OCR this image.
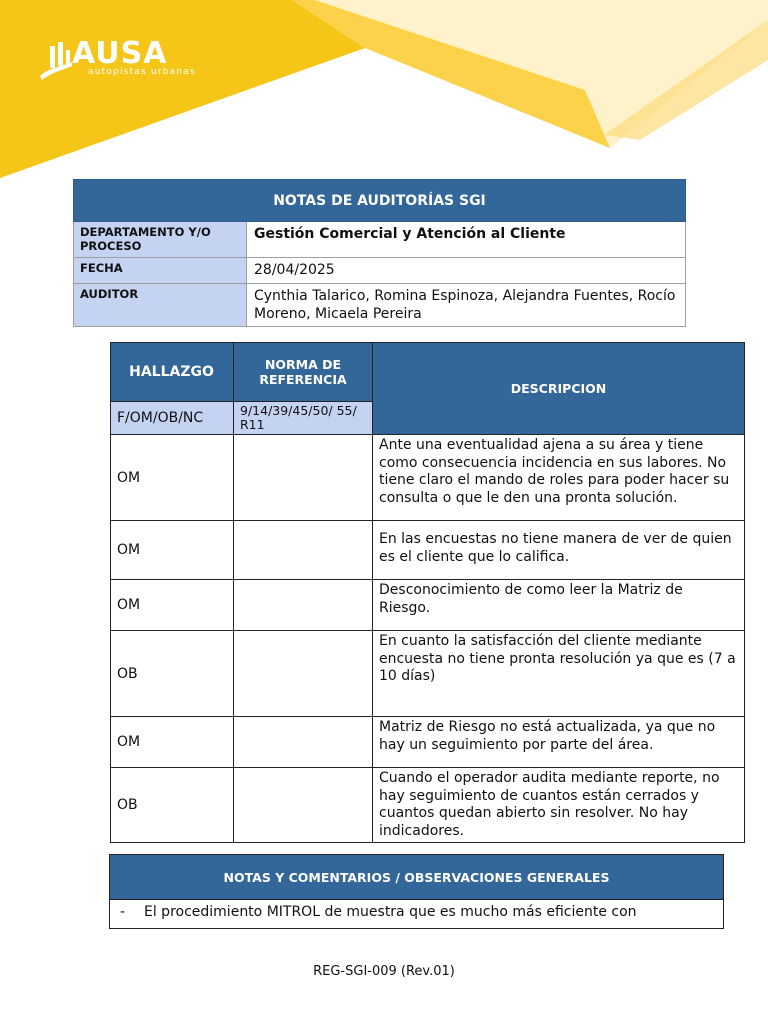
AUSA
autopistas urbanas
NOTAS DE AUDITORÍAS SGI	
DEPARTAMENTO Y/O PROCESO	Gestión Comercial y Atención al Cliente
FECHA	28/04/2025
AUDITOR	Cynthia Talarico, Romina Espinoza, Alejandra Fuentes, Rocío Moreno, Micaela Pereira
HALLAZGO	NORMA DE REFERENCIA	DESCRIPCION
F/OM/OB/NC	9/14/39/45/50/ 55/ R11	
OM		Ante una eventualidad ajena a su área y tiene como consecuencia incidencia en sus labores. No tiene claro el mando de roles para poder hacer su consulta o que le den una pronta solución.
OM		En las encuestas no tiene manera de ver de quien es el cliente que lo califica.
OM		Desconocimiento de como leer la Matriz de Riesgo.
OB		En cuanto la satisfacción del cliente mediante encuesta no tiene pronta resolución ya que es (7 a 10 días)
OM		Matriz de Riesgo no está actualizada, ya que no hay un seguimiento por parte del área.
OB		Cuando el operador audita mediante reporte, no hay seguimiento de cuantos están cerrados y cuantos quedan abierto sin resolver. No hay indicadores.
NOTAS Y COMENTARIOS / OBSERVACIONES GENERALES
- El procedimiento MITROL de muestra que es mucho más eficiente con
REG-SGI-009 (Rev.01)
